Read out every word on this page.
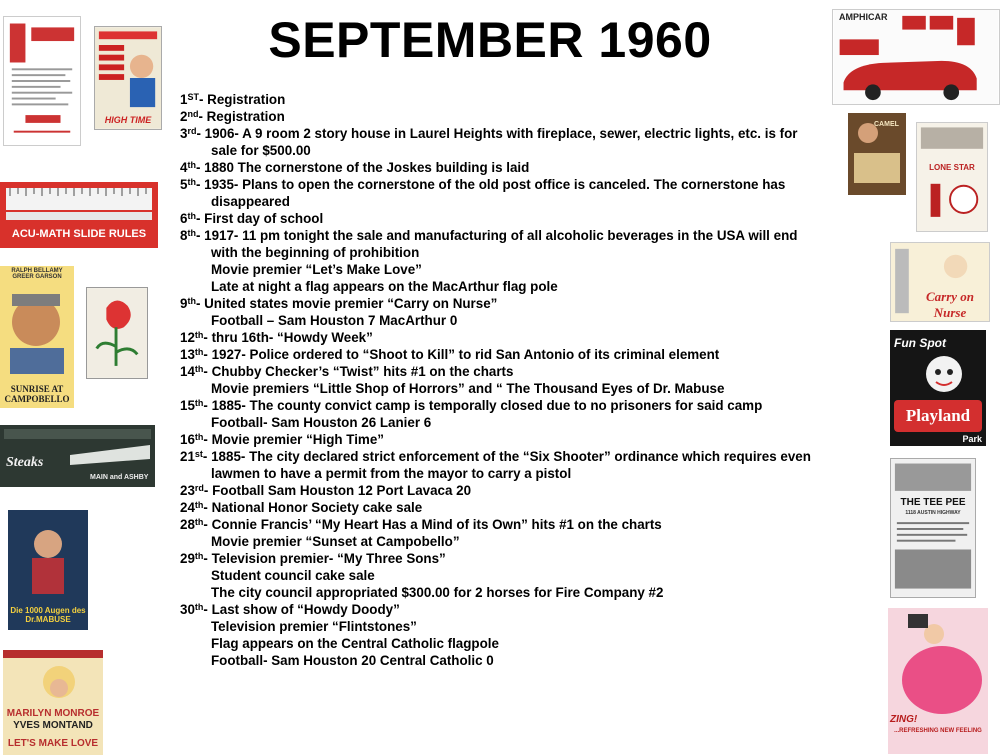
SEPTEMBER 1960
1ST- Registration
2nd- Registration
3rd- 1906- A 9 room 2 story house in Laurel Heights with fireplace, sewer, electric lights, etc. is for
sale for $500.00
4th- 1880 The cornerstone of the Joskes building is laid
5th- 1935- Plans to open the cornerstone of the old post office is canceled. The cornerstone has
disappeared
6th- First day of school
8th- 1917- 11 pm tonight the sale and manufacturing of all alcoholic beverages in the USA will end
with the beginning of prohibition
Movie premier “Let’s Make Love”
Late at night a flag appears on the MacArthur flag pole
9th- United states movie premier “Carry on Nurse”
Football – Sam Houston 7 MacArthur 0
12th- thru 16th- “Howdy Week”
13th- 1927- Police ordered to “Shoot to Kill” to rid San Antonio of its criminal element
14th- Chubby Checker’s “Twist” hits #1 on the charts
Movie premiers “Little Shop of Horrors” and “ The Thousand Eyes of Dr. Mabuse
15th- 1885- The county convict camp is temporally closed due to no prisoners for said camp
Football- Sam Houston 26 Lanier 6
16th- Movie premier “High Time”
21st- 1885- The city declared strict enforcement of the “Six Shooter” ordinance which requires even
lawmen to have a permit from the mayor to carry a pistol
23rd- Football Sam Houston 12 Port Lavaca 20
24th- National Honor Society cake sale
28th- Connie Francis’ “My Heart Has a Mind of its Own” hits #1 on the charts
Movie premier “Sunset at Campobello”
29th- Television premier- “My Three Sons”
Student council cake sale
The city council appropriated $300.00 for 2 horses for Fire Company #2
30th- Last show of “Howdy Doody”
Television premier “Flintstones”
Flag appears on the Central Catholic flagpole
Football- Sam Houston 20 Central Catholic 0
HIGH TIME
ACU-MATH SLIDE RULES
RALPH BELLAMY GREER GARSON
SUNRISE AT CAMPOBELLO
Steaks
MAIN and ASHBY
Die 1000 Augen des Dr.MABUSE
MARILYN MONROE
YVES MONTAND
LET'S MAKE LOVE
AMPHICAR
CAMEL
LONE STAR
Carry on Nurse
Fun Spot
Playland
Park
THE TEE PEE
1118 AUSTIN HIGHWAY
ZING!
...REFRESHING NEW FEELING
